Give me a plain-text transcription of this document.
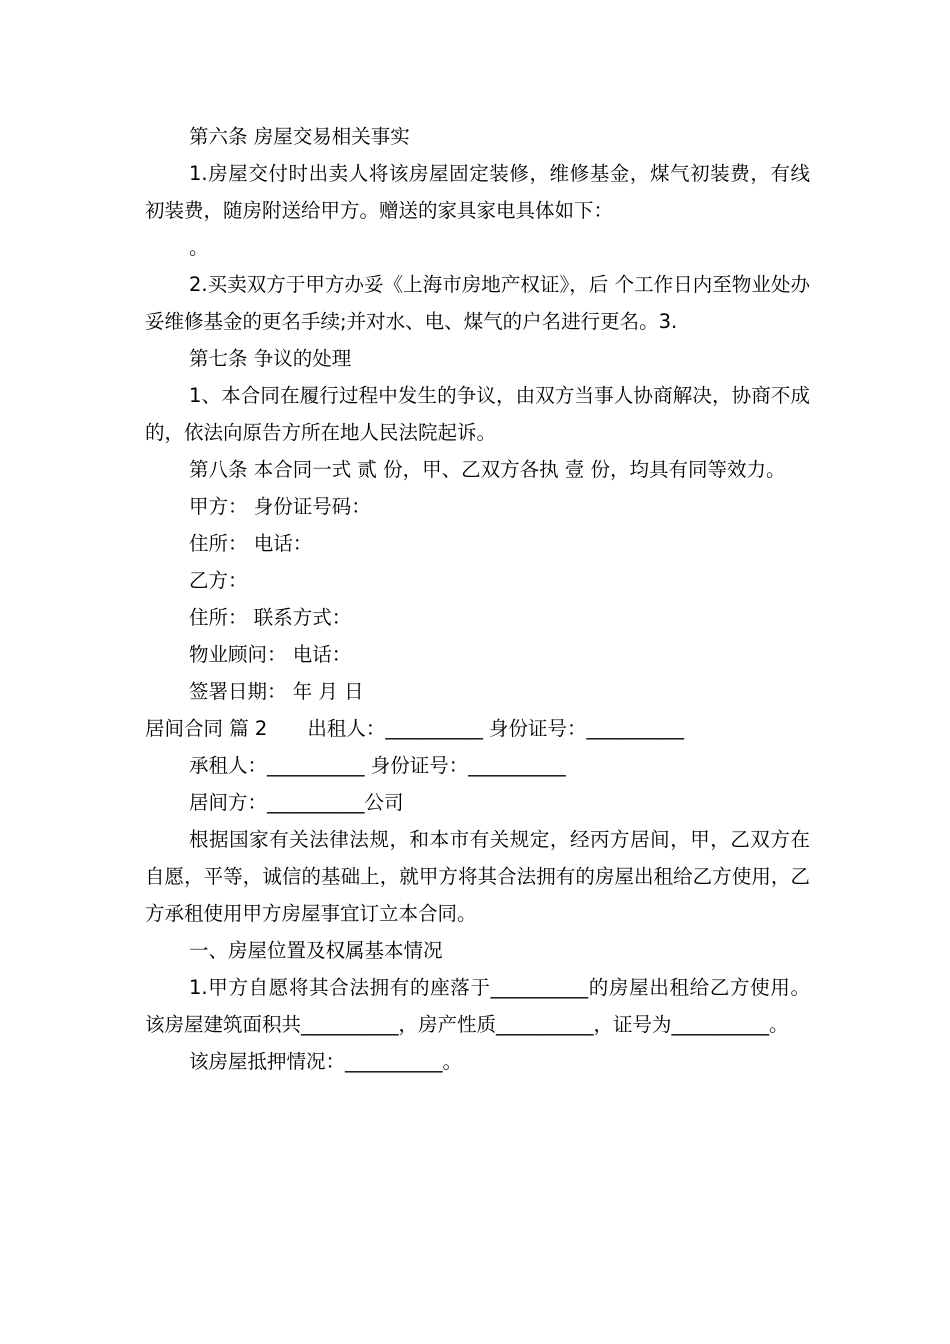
第六条 房屋交易相关事实

1.房屋交付时出卖人将该房屋固定装修，维修基金，煤气初装费，有线初装费，随房附送给甲方。赠送的家具家电具体如下：

。

2.买卖双方于甲方办妥《上海市房地产权证》，后 个工作日内至物业处办妥维修基金的更名手续;并对水、电、煤气的户名进行更名。3.

第七条 争议的处理

1、本合同在履行过程中发生的争议，由双方当事人协商解决，协商不成的，依法向原告方所在地人民法院起诉。

第八条 本合同一式 贰 份，甲、乙双方各执 壹 份，均具有同等效力。

甲方： 身份证号码：

住所： 电话：

乙方：

住所： 联系方式：

物业顾问： 电话：

签署日期： 年 月 日

居间合同 篇 2 出租人：__________ 身份证号：__________

承租人：__________ 身份证号：__________

居间方：__________公司

根据国家有关法律法规，和本市有关规定，经丙方居间，甲，乙双方在自愿，平等，诚信的基础上，就甲方将其合法拥有的房屋出租给乙方使用，乙方承租使用甲方房屋事宜订立本合同。

一、房屋位置及权属基本情况

1.甲方自愿将其合法拥有的座落于__________的房屋出租给乙方使用。该房屋建筑面积共__________，房产性质__________，证号为__________。

该房屋抵押情况：__________。
